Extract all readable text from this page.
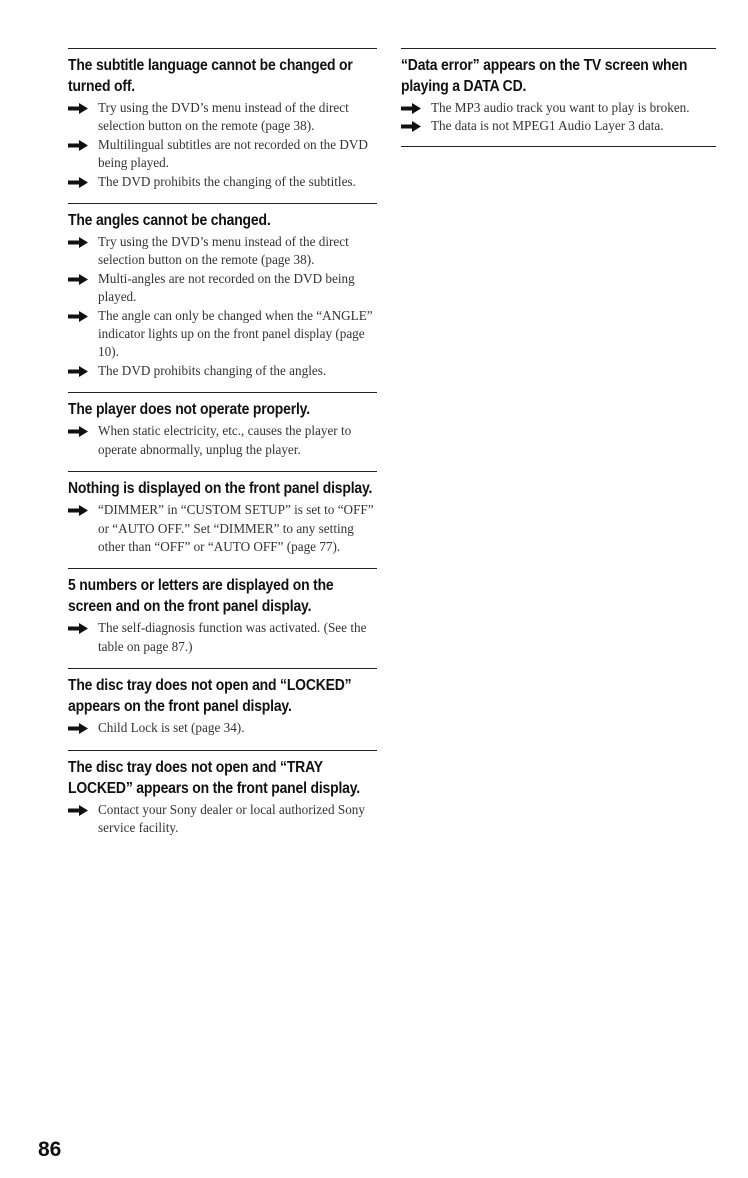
The subtitle language cannot be changed or turned off.
Try using the DVD’s menu instead of the direct selection button on the remote (page 38).
Multilingual subtitles are not recorded on the DVD being played.
The DVD prohibits the changing of the subtitles.
The angles cannot be changed.
Try using the DVD’s menu instead of the direct selection button on the remote (page 38).
Multi-angles are not recorded on the DVD being played.
The angle can only be changed when the “ANGLE” indicator lights up on the front panel display (page 10).
The DVD prohibits changing of the angles.
The player does not operate properly.
When static electricity, etc., causes the player to operate abnormally, unplug the player.
Nothing is displayed on the front panel display.
“DIMMER” in “CUSTOM SETUP” is set to “OFF” or “AUTO OFF.” Set “DIMMER” to any setting other than “OFF” or “AUTO OFF” (page 77).
5 numbers or letters are displayed on the screen and on the front panel display.
The self-diagnosis function was activated. (See the table on page 87.)
The disc tray does not open and “LOCKED” appears on the front panel display.
Child Lock is set (page 34).
The disc tray does not open and “TRAY LOCKED” appears on the front panel display.
Contact your Sony dealer or local authorized Sony service facility.
“Data error” appears on the TV screen when playing a DATA CD.
The MP3 audio track you want to play is broken.
The data is not MPEG1 Audio Layer 3 data.
86
